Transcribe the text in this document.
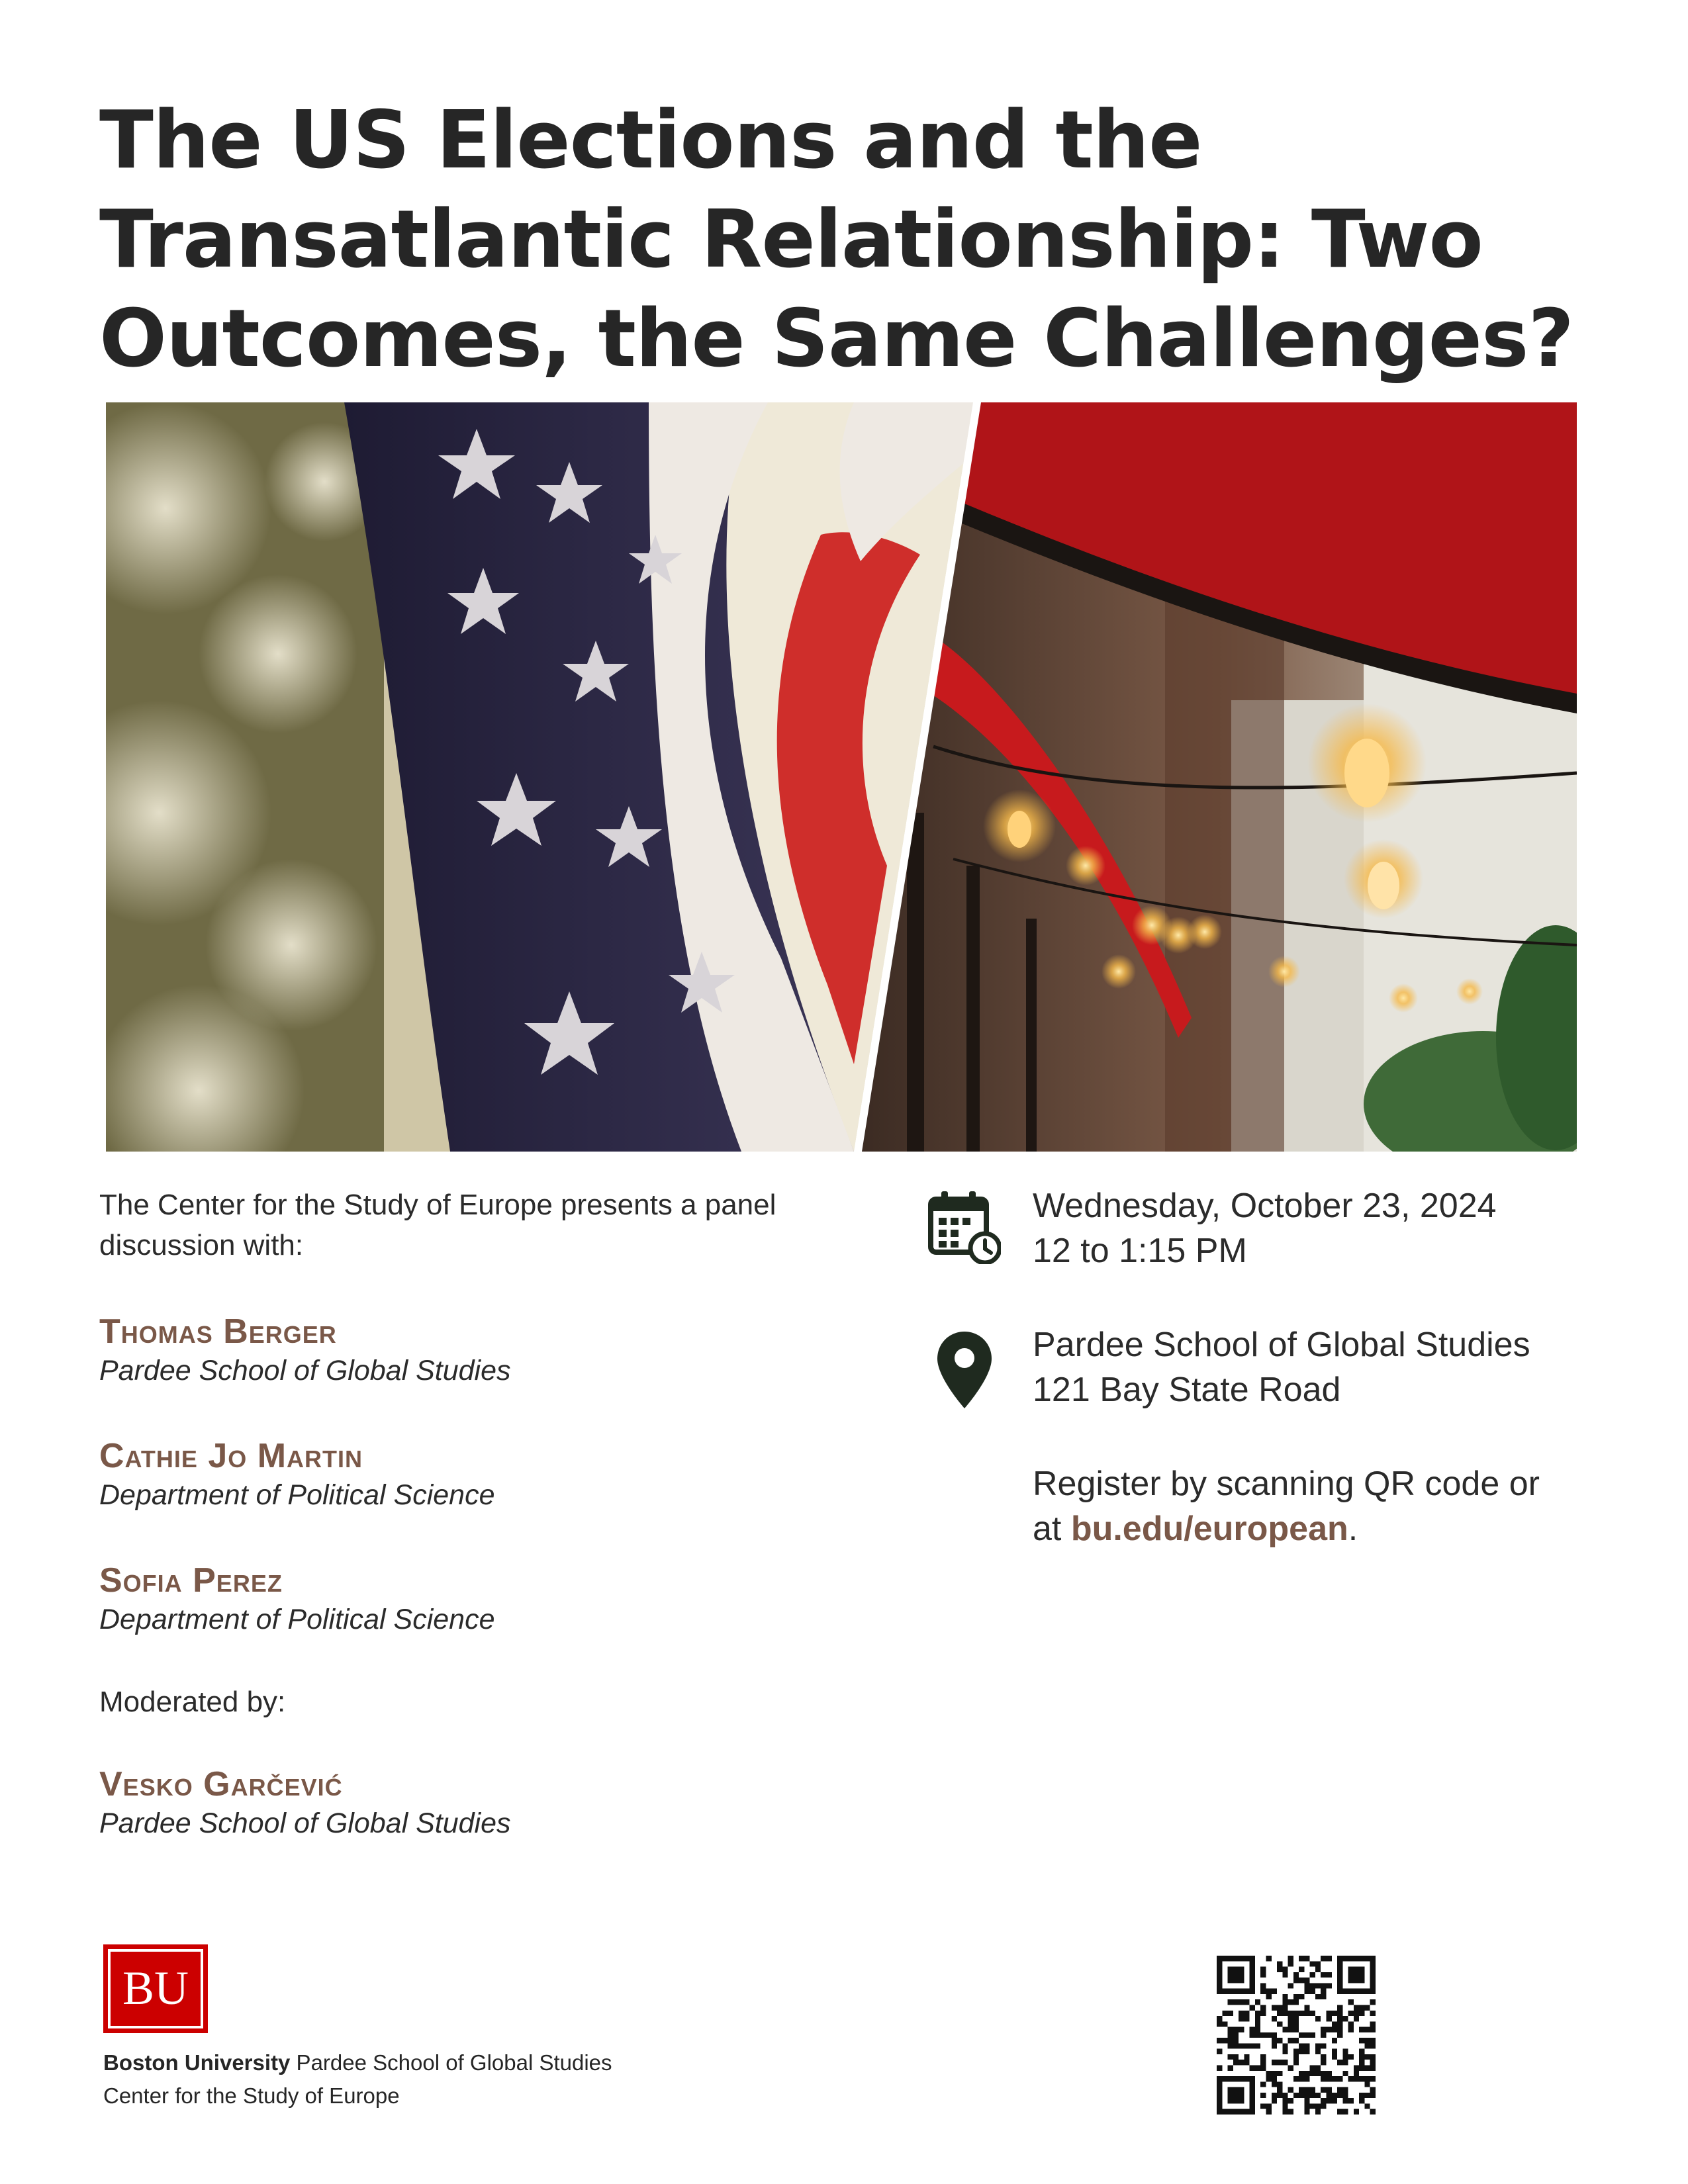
The US Elections and the
Transatlantic Relationship: Two
Outcomes, the Same Challenges?

The Center for the Study of Europe presents a panel discussion with:

Thomas Berger
Pardee School of Global Studies
Cathie Jo Martin
Department of Political Science
Sofia Perez
Department of Political Science
Moderated by:
Vesko Garčević
Pardee School of Global Studies
Wednesday, October 23, 2024
12 to 1:15 PM
Pardee School of Global Studies
121 Bay State Road
Register by scanning QR code or
at bu.edu/european.
BU
Boston University Pardee School of Global Studies
Center for the Study of Europe
